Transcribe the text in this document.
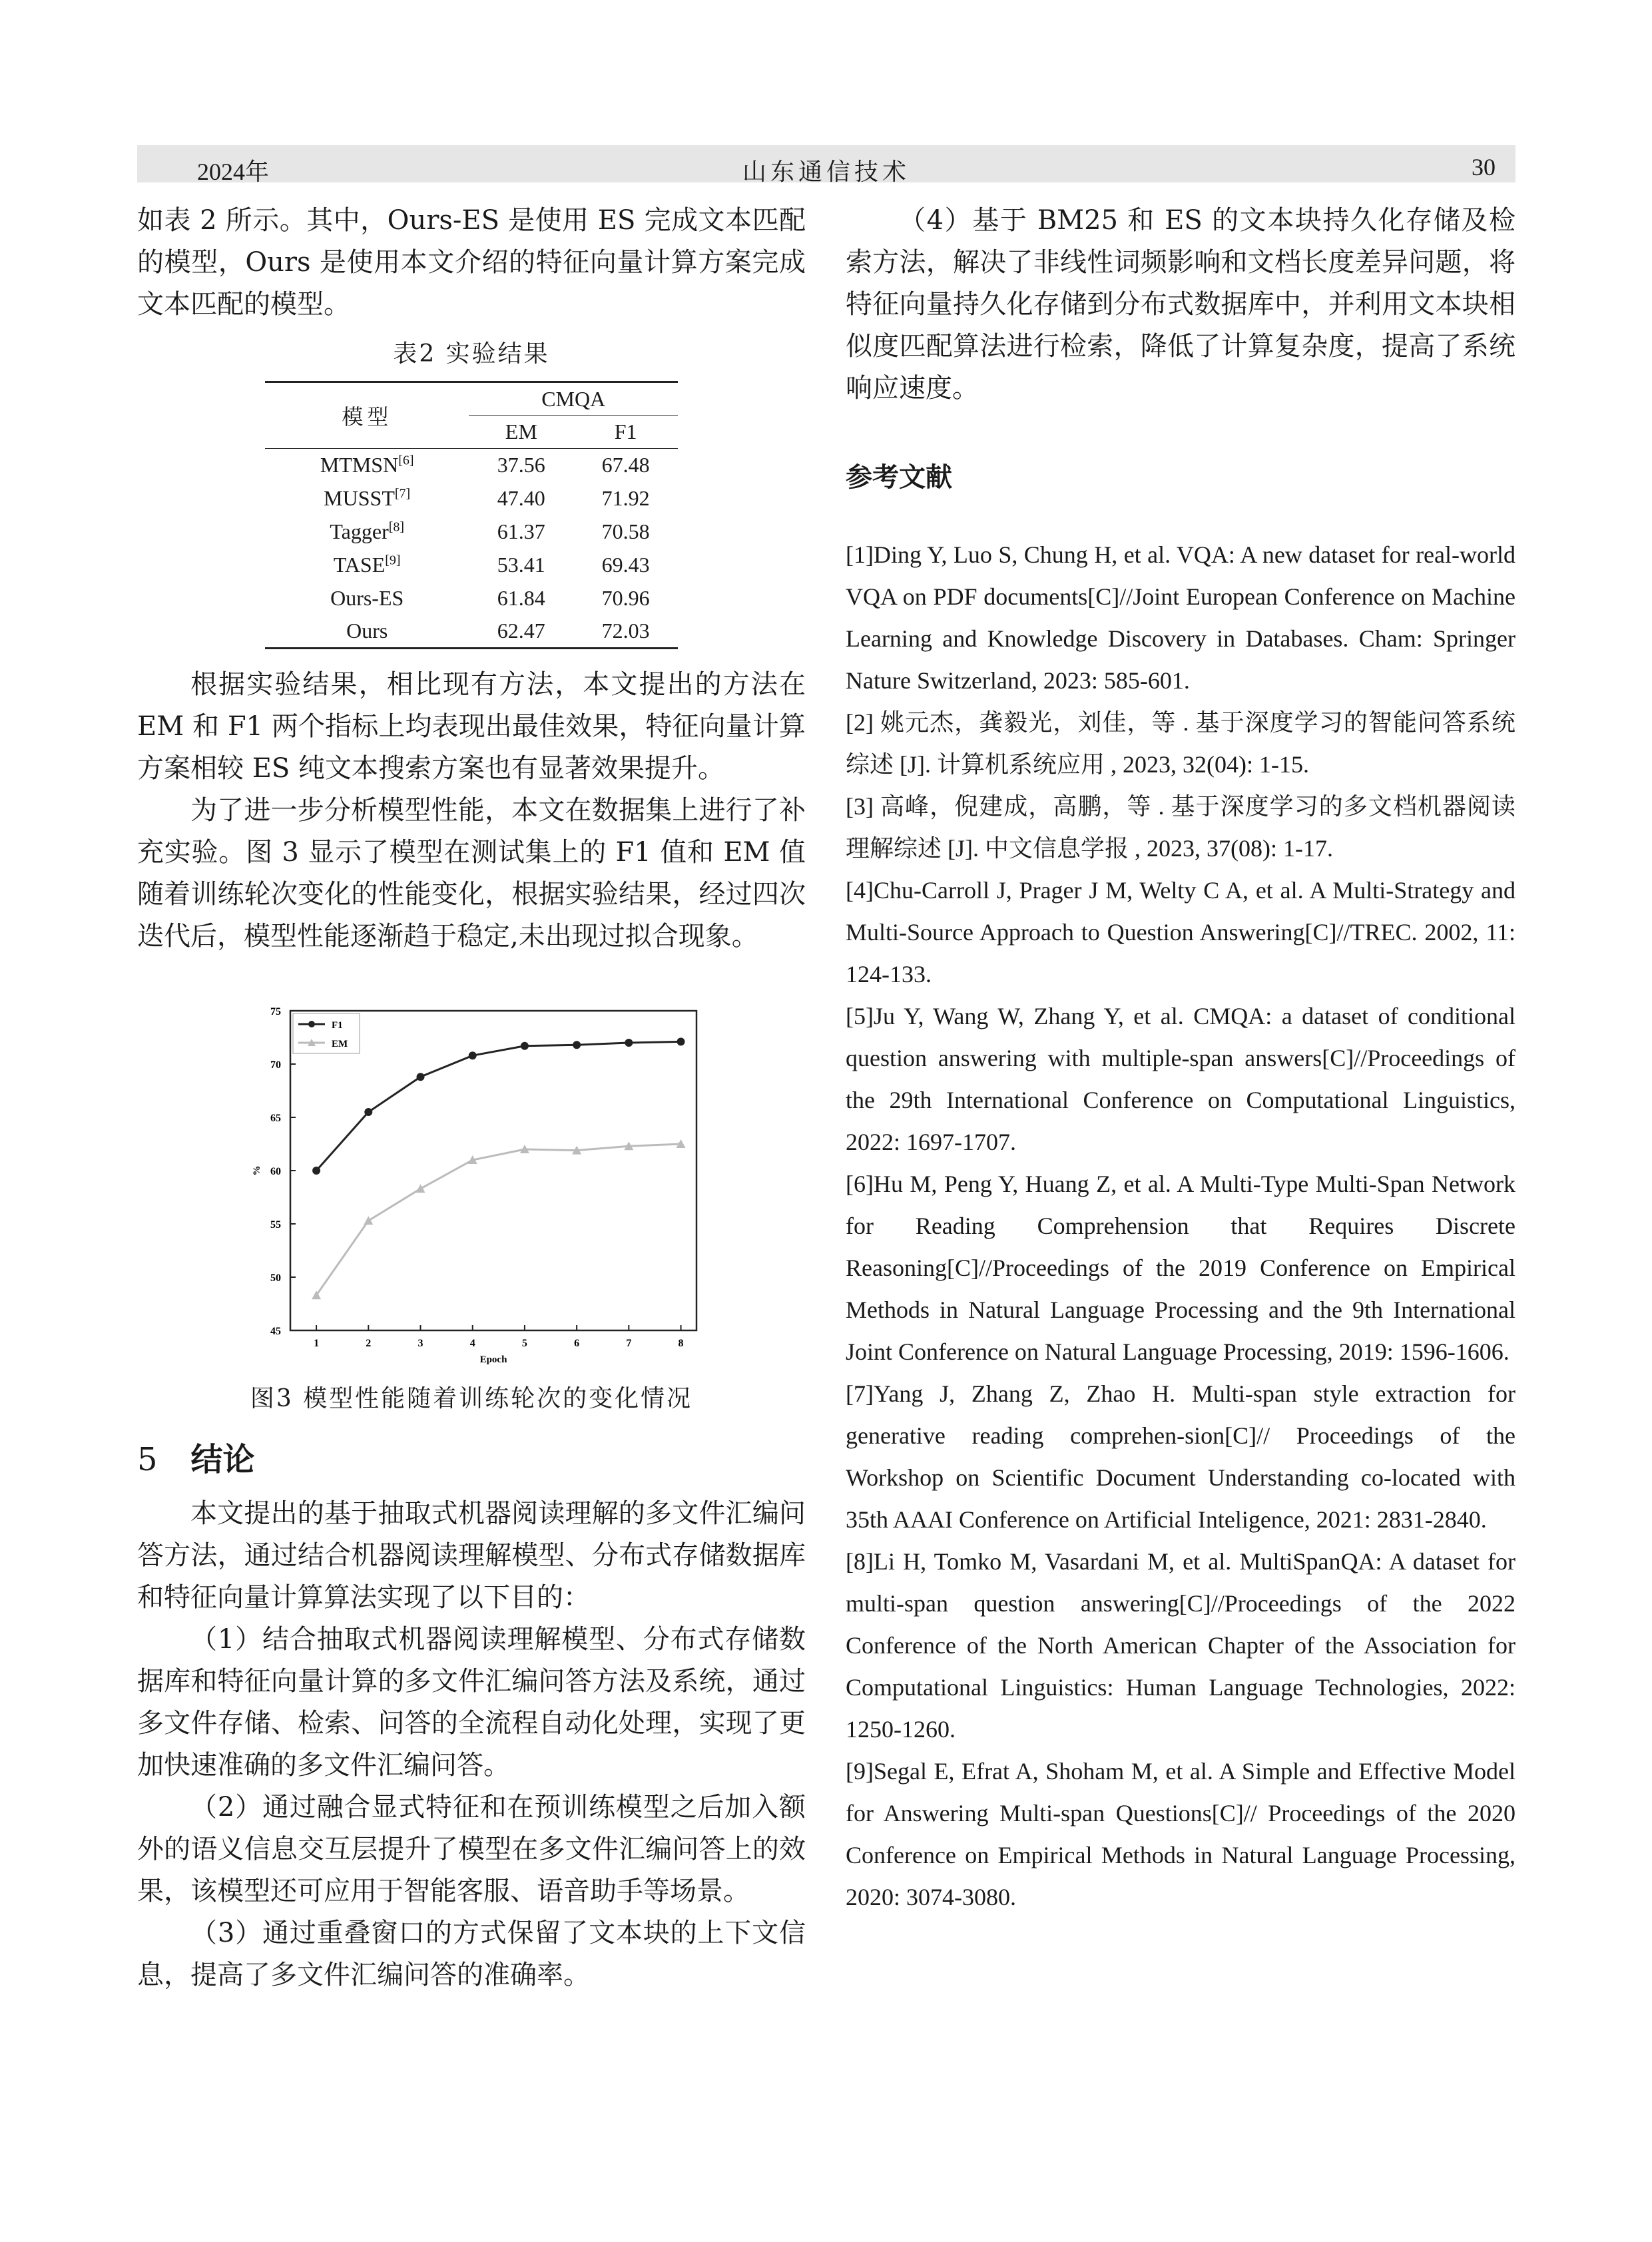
2024年	山东通信技术	30

如表 2 所示。其中，Ours-ES 是使用 ES 完成文本匹配的模型，Ours 是使用本文介绍的特征向量计算方案完成文本匹配的模型。

表2 实验结果
模型	CMQA	
	EM	F1
MTMSN[6]	37.56	67.48
MUSST[7]	47.40	71.92
Tagger[8]	61.37	70.58
TASE[9]	53.41	69.43
Ours-ES	61.84	70.96
Ours	62.47	72.03

根据实验结果，相比现有方法，本文提出的方法在 EM 和 F1 两个指标上均表现出最佳效果，特征向量计算方案相较 ES 纯文本搜索方案也有显著效果提升。

为了进一步分析模型性能，本文在数据集上进行了补充实验。图 3 显示了模型在测试集上的 F1 值和 EM 值随着训练轮次变化的性能变化，根据实验结果，经过四次迭代后，模型性能逐渐趋于稳定,未出现过拟合现象。

45
50
55
60
65
70
75
1	2	3	4	5	6	7	8
Epoch
%
F1
EM
图3 模型性能随着训练轮次的变化情况
5 结论

本文提出的基于抽取式机器阅读理解的多文件汇编问答方法，通过结合机器阅读理解模型、分布式存储数据库和特征向量计算算法实现了以下目的：

（1）结合抽取式机器阅读理解模型、分布式存储数据库和特征向量计算的多文件汇编问答方法及系统，通过多文件存储、检索、问答的全流程自动化处理，实现了更加快速准确的多文件汇编问答。

（2）通过融合显式特征和在预训练模型之后加入额外的语义信息交互层提升了模型在多文件汇编问答上的效果，该模型还可应用于智能客服、语音助手等场景。

（3）通过重叠窗口的方式保留了文本块的上下文信息，提高了多文件汇编问答的准确率。

（4）基于 BM25 和 ES 的文本块持久化存储及检索方法，解决了非线性词频影响和文档长度差异问题，将特征向量持久化存储到分布式数据库中，并利用文本块相似度匹配算法进行检索，降低了计算复杂度，提高了系统响应速度。

参考文献

[1]Ding Y, Luo S, Chung H, et al. VQA: A new dataset for real-world VQA on PDF documents[C]//Joint European Conference on Machine Learning and Knowledge Discovery in Databases. Cham: Springer Nature Switzerland, 2023: 585-601.

[2] 姚元杰，龚毅光，刘佳，等 . 基于深度学习的智能问答系统综述 [J]. 计算机系统应用 , 2023, 32(04): 1-15.

[3] 高峰，倪建成，高鹏，等 . 基于深度学习的多文档机器阅读理解综述 [J]. 中文信息学报 , 2023, 37(08): 1-17.

[4]Chu-Carroll J, Prager J M, Welty C A, et al. A Multi-Strategy and Multi-Source Approach to Question Answering[C]//TREC. 2002, 11: 124-133.

[5]Ju Y, Wang W, Zhang Y, et al. CMQA: a dataset of conditional question answering with multiple-span answers[C]//Proceedings of the 29th International Conference on Computational Linguistics, 2022: 1697-1707.

[6]Hu M, Peng Y, Huang Z, et al. A Multi-Type Multi-Span Network for Reading Comprehension that Requires Discrete Reasoning[C]//Proceedings of the 2019 Conference on Empirical Methods in Natural Language Processing and the 9th International Joint Conference on Natural Language Processing, 2019: 1596-1606.

[7]Yang J, Zhang Z, Zhao H. Multi-span style extraction for generative reading comprehen-sion[C]// Proceedings of the Workshop on Scientific Document Understanding co-located with 35th AAAI Conference on Artificial Inteligence, 2021: 2831-2840.

[8]Li H, Tomko M, Vasardani M, et al. MultiSpanQA: A dataset for multi-span question answering[C]//Proceedings of the 2022 Conference of the North American Chapter of the Association for Computational Linguistics: Human Language Technologies, 2022: 1250-1260.

[9]Segal E, Efrat A, Shoham M, et al. A Simple and Effective Model for Answering Multi-span Questions[C]// Proceedings of the 2020 Conference on Empirical Methods in Natural Language Processing, 2020: 3074-3080.
